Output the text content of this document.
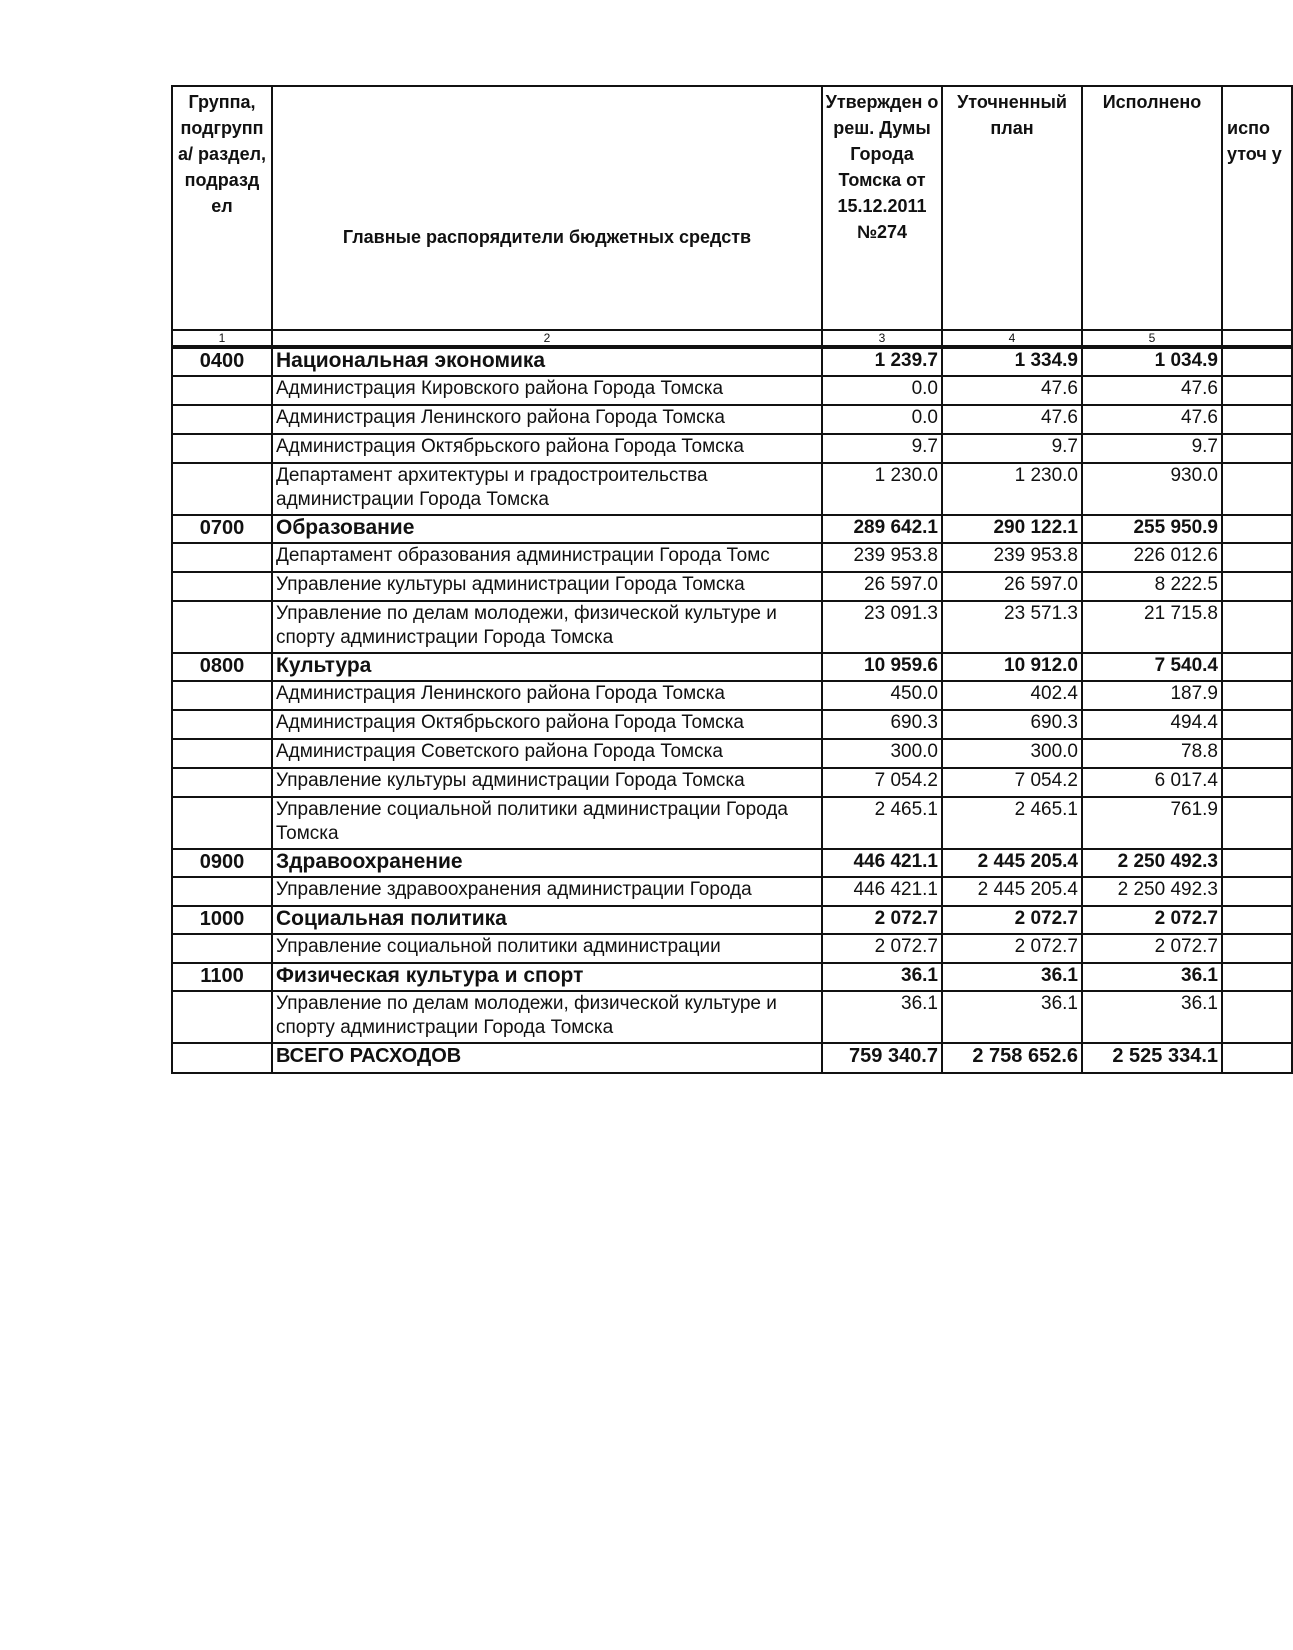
Группа, подгрупп а/ раздел, подразд ел	Главные распорядители бюджетных средств	Утвержден о реш. Думы Города Томска от 15.12.2011 №274	Уточненный план	Исполнено	испо уточ у
1	2	3	4	5	
0400	Национальная экономика	1 239.7	1 334.9	1 034.9	
	Администрация Кировского района Города Томска	0.0	47.6	47.6	
	Администрация Ленинского района Города Томска	0.0	47.6	47.6	
	Администрация Октябрьского района Города Томска	9.7	9.7	9.7	
	Департамент архитектуры и градостроительства администрации Города Томска	1 230.0	1 230.0	930.0	
0700	Образование	289 642.1	290 122.1	255 950.9	
	Департамент образования администрации Города Томс	239 953.8	239 953.8	226 012.6	
	Управление культуры администрации Города Томска	26 597.0	26 597.0	8 222.5	
	Управление по делам молодежи, физической культуре и спорту администрации Города Томска	23 091.3	23 571.3	21 715.8	
0800	Культура	10 959.6	10 912.0	7 540.4	
	Администрация Ленинского района Города Томска	450.0	402.4	187.9	
	Администрация Октябрьского района Города Томска	690.3	690.3	494.4	
	Администрация Советского района Города Томска	300.0	300.0	78.8	
	Управление культуры администрации Города Томска	7 054.2	7 054.2	6 017.4	
	Управление социальной политики администрации Города Томска	2 465.1	2 465.1	761.9	
0900	Здравоохранение	446 421.1	2 445 205.4	2 250 492.3	
	Управление здравоохранения администрации Города	446 421.1	2 445 205.4	2 250 492.3	
1000	Социальная политика	2 072.7	2 072.7	2 072.7	
	Управление социальной политики администрации	2 072.7	2 072.7	2 072.7	
1100	Физическая культура и спорт	36.1	36.1	36.1	
	Управление по делам молодежи, физической культуре и спорту администрации Города Томска	36.1	36.1	36.1	
	ВСЕГО РАСХОДОВ	759 340.7	2 758 652.6	2 525 334.1	
